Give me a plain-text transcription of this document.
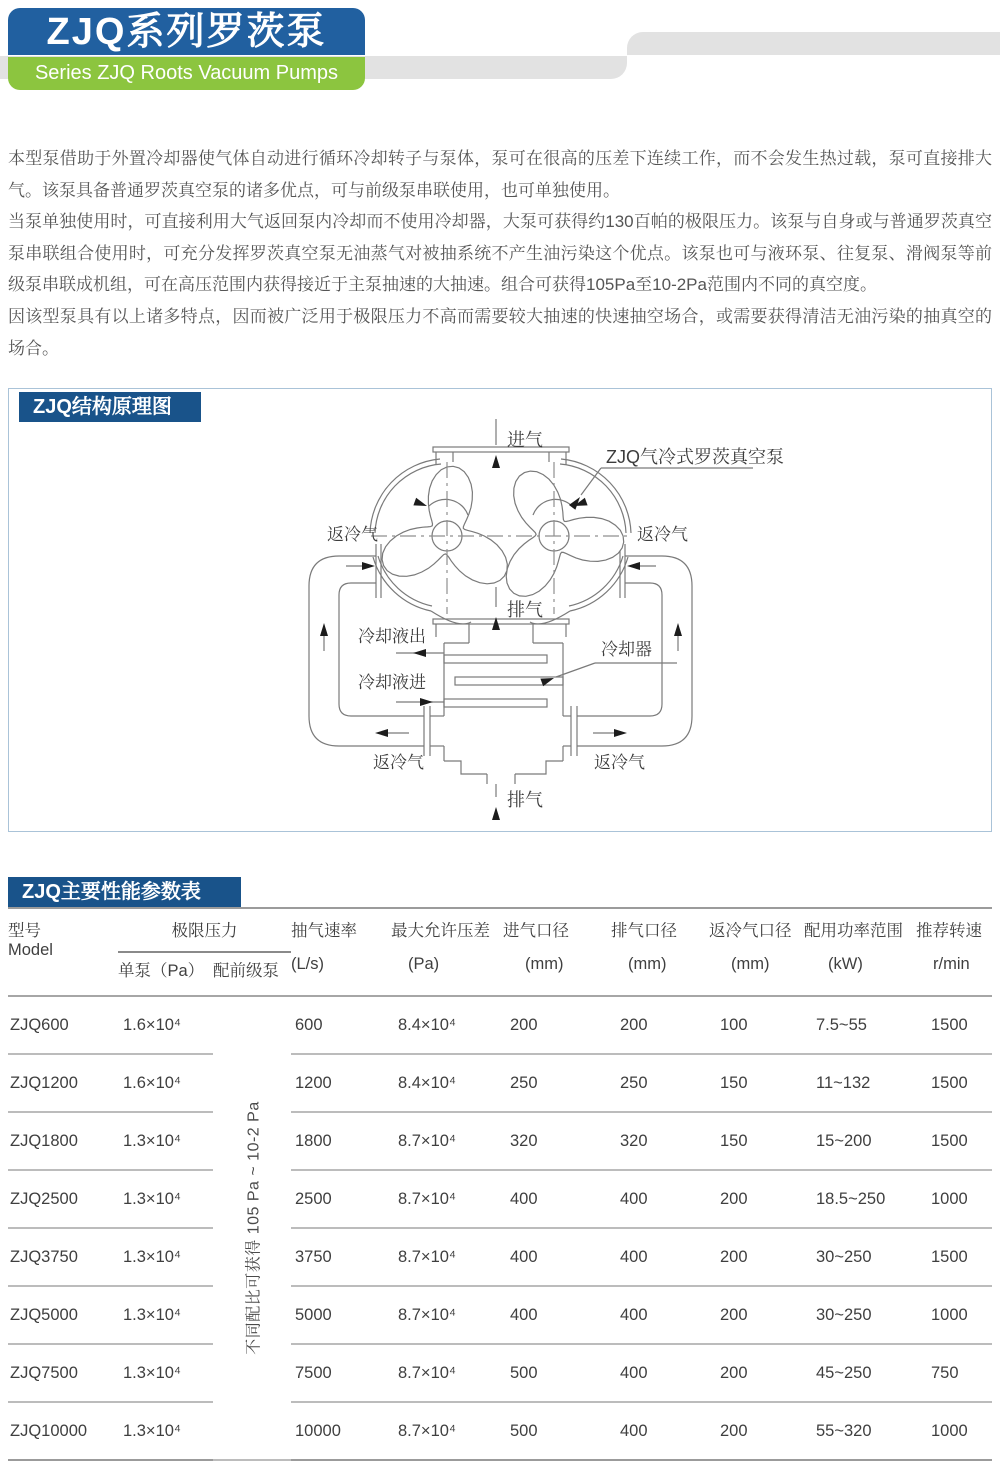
ZJQ系列罗茨泵
Series ZJQ Roots Vacuum Pumps

本型泵借助于外置冷却器使气体自动进行循环冷却转子与泵体，泵可在很高的压差下连续工作，而不会发生热过载，泵可直接排大气。该泵具备普通罗茨真空泵的诸多优点，可与前级泵串联使用，也可单独使用。

当泵单独使用时，可直接利用大气返回泵内冷却而不使用冷却器，大泵可获得约130百帕的极限压力。该泵与自身或与普通罗茨真空泵串联组合使用时，可充分发挥罗茨真空泵无油蒸气对被抽系统不产生油污染这个优点。该泵也可与液环泵、往复泵、滑阀泵等前级泵串联成机组，可在高压范围内获得接近于主泵抽速的大抽速。组合可获得105Pa至10-2Pa范围内不同的真空度。

因该型泵具有以上诸多特点，因而被广泛用于极限压力不高而需要较大抽速的快速抽空场合，或需要获得清洁无油污染的抽真空的场合。

进气
ZJQ气冷式罗茨真空泵
返冷气	返冷气
排气
冷却液出
冷却器
冷却液进
返冷气	返冷气
排气
ZJQ结构原理图
ZJQ主要性能参数表
型号
Model
	极限压力	抽气速率
(L/s)

最大允许压差
(Pa)

进气口径
(mm)

排气口径
(mm)

返冷气口径
(mm)

配用功率范围
(kW)

推荐转速
r/min

	单泵（Pa）	配前级泵							
ZJQ600	1.6×10⁴	不同配比可获得 105 Pa ~ 10-2 Pa	600	8.4×10⁴	200	200	100	7.5~55	1500
ZJQ1200	1.6×10⁴		1200	8.4×10⁴	250	250	150	11~132	1500
ZJQ1800	1.3×10⁴		1800	8.7×10⁴	320	320	150	15~200	1500
ZJQ2500	1.3×10⁴		2500	8.7×10⁴	400	400	200	18.5~250	1000
ZJQ3750	1.3×10⁴		3750	8.7×10⁴	400	400	200	30~250	1500
ZJQ5000	1.3×10⁴		5000	8.7×10⁴	400	400	200	30~250	1000
ZJQ7500	1.3×10⁴		7500	8.7×10⁴	500	400	200	45~250	750
ZJQ10000	1.3×10⁴		10000	8.7×10⁴	500	400	200	55~320	1000
